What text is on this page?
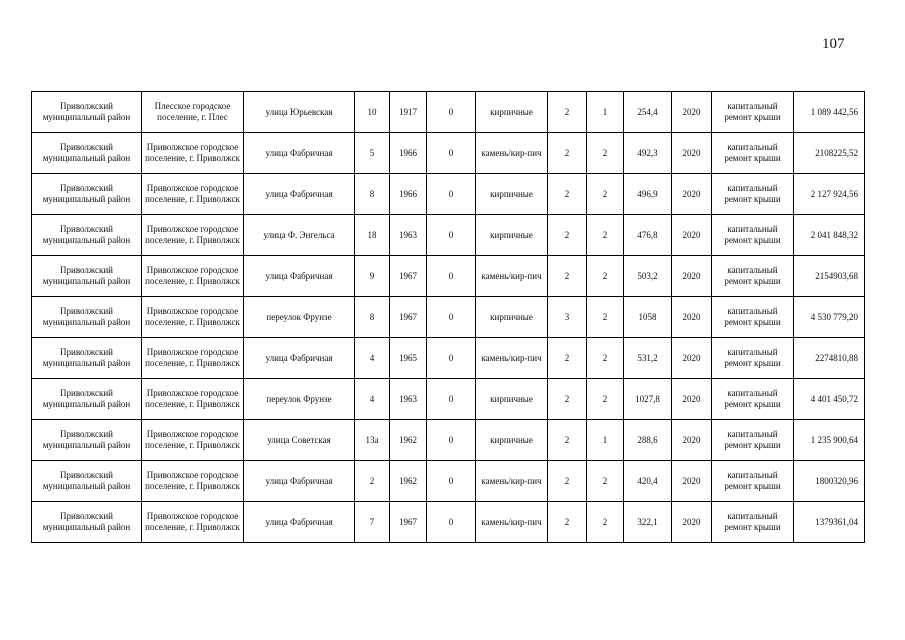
107
Приволжский муниципальный район	Плесское городское поселение, г. Плес	улица Юрьевская	10	1917	0	кирпичные	2	1	254,4	2020	капитальный ремонт крыши	1 089 442,56
Приволжский муниципальный район	Приволжское городское поселение, г. Приволжск	улица Фабричная	5	1966	0	камень/кир-пич	2	2	492,3	2020	капитальный ремонт крыши	2108225,52
Приволжский муниципальный район	Приволжское городское поселение, г. Приволжск	улица Фабричная	8	1966	0	кирпичные	2	2	496,9	2020	капитальный ремонт крыши	2 127 924,56
Приволжский муниципальный район	Приволжское городское поселение, г. Приволжск	улица Ф. Энгельса	18	1963	0	кирпичные	2	2	476,8	2020	капитальный ремонт крыши	2 041 848,32
Приволжский муниципальный район	Приволжское городское поселение, г. Приволжск	улица Фабричная	9	1967	0	камень/кир-пич	2	2	503,2	2020	капитальный ремонт крыши	2154903,68
Приволжский муниципальный район	Приволжское городское поселение, г. Приволжск	переулок Фрунзе	8	1967	0	кирпичные	3	2	1058	2020	капитальный ремонт крыши	4 530 779,20
Приволжский муниципальный район	Приволжское городское поселение, г. Приволжск	улица Фабричная	4	1965	0	камень/кир-пич	2	2	531,2	2020	капитальный ремонт крыши	2274810,88
Приволжский муниципальный район	Приволжское городское поселение, г. Приволжск	переулок Фрунзе	4	1963	0	кирпичные	2	2	1027,8	2020	капитальный ремонт крыши	4 401 450,72
Приволжский муниципальный район	Приволжское городское поселение, г. Приволжск	улица Советская	13а	1962	0	кирпичные	2	1	288,6	2020	капитальный ремонт крыши	1 235 900,64
Приволжский муниципальный район	Приволжское городское поселение, г. Приволжск	улица Фабричная	2	1962	0	камень/кир-пич	2	2	420,4	2020	капитальный ремонт крыши	1800320,96
Приволжский муниципальный район	Приволжское городское поселение, г. Приволжск	улица Фабричная	7	1967	0	камень/кир-пич	2	2	322,1	2020	капитальный ремонт крыши	1379361,04
